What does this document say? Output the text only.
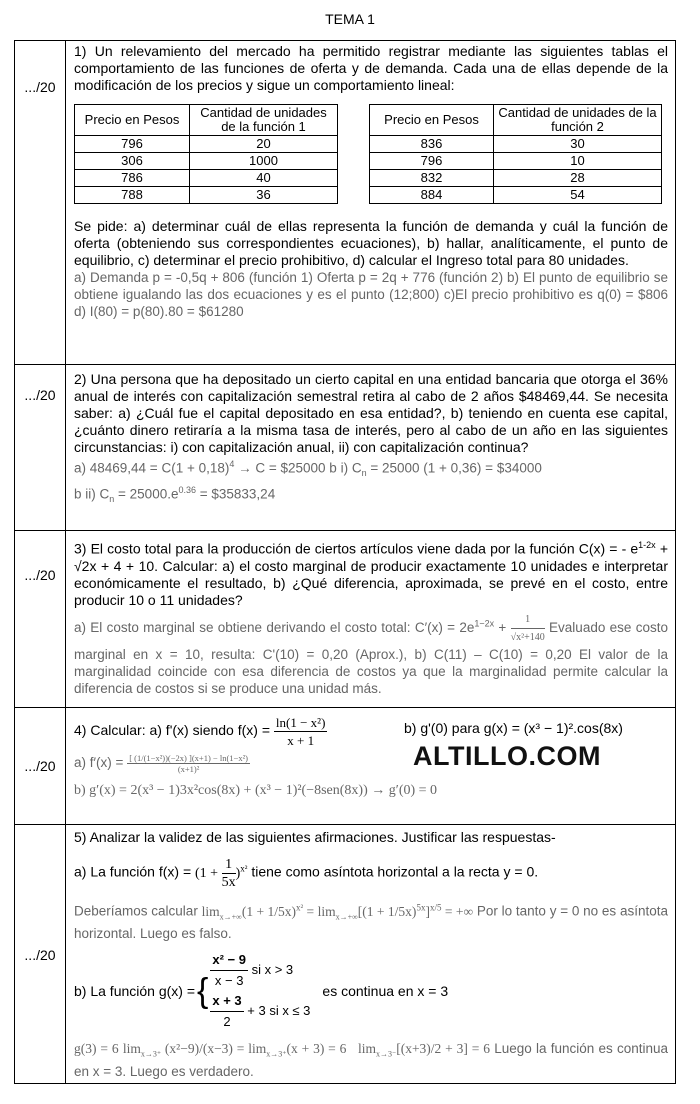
TEMA 1
.../20
1) Un relevamiento del mercado ha permitido registrar mediante las siguientes tablas el comportamiento de las funciones de oferta y de demanda. Cada una de ellas depende de la modificación de los precios y sigue un comportamiento lineal:
Precio en Pesos	Cantidad de unidades de la función 1
796	20
306	1000
786	40
788	36
Precio en Pesos	Cantidad de unidades de la función 2
836	30
796	10
832	28
884	54
Se pide: a) determinar cuál de ellas representa la función de demanda y cuál la función de oferta (obteniendo sus correspondientes ecuaciones), b) hallar, analíticamente, el punto de equilibrio, c) determinar el precio prohibitivo, d) calcular el Ingreso total para 80 unidades.
a) Demanda p = -0,5q + 806 (función 1) Oferta p = 2q + 776 (función 2) b) El punto de equilibrio se obtiene igualando las dos ecuaciones y es el punto (12;800) c)El precio prohibitivo es q(0) = $806 d) I(80) = p(80).80 = $61280
.../20
2) Una persona que ha depositado un cierto capital en una entidad bancaria que otorga el 36% anual de interés con capitalización semestral retira al cabo de 2 años $48469,44. Se necesita saber: a) ¿Cuál fue el capital depositado en esa entidad?, b) teniendo en cuenta ese capital, ¿cuánto dinero retiraría a la misma tasa de interés, pero al cabo de un año en las siguientes circunstancias: i) con capitalización anual, ii) con capitalización continua?
a) $48469,44 = C(1 + 0,18)^4 \to C$ = $25000 b i) $C_n = 25000$ (1 + 0,36) = $34000
b ii) $C_n = 25000.e^{0.36}$ = $35833,24
.../20
3) El costo total para la producción de ciertos artículos viene dada por la función C(x) = - $e^{1-2x} + √2x + 4 + 10$. Calcular: a) el costo marginal de producir exactamente 10 unidades e interpretar económicamente el resultado, b) ¿Qué diferencia, aproximada, se prevé en el costo, entre producir 10 o 11 unidades?
a) El costo marginal se obtiene derivando el costo total: $C'(x) = 2e^{1-2x} + \frac{1}{\text{√x²+140}}$ Evaluado ese costo marginal en x = 10, resulta: C'(10) = 0,20 (Aprox.), b) C(11) – C(10) = 0,20 El valor de la marginalidad coincide con esa diferencia de costos ya que la marginalidad permite calcular la diferencia de costos si se produce una unidad más.
.../20
4) Calcular: a) f'(x) siendo $f(x) = \frac{\text{ln(1 − x²)}}{x + 1}$	b) g'(0) para g(x) = (x³ − 1)².cos(8x)
a) $f'(x) = \frac{\text{[ (1/(1−x²))(−2x) ](x+1) − ln(1−x²)}}{\text{(x+1)²}}$
b) g′(x) = 2(x³ − 1)3x²cos(8x) + (x³ − 1)²(−8sen(8x)) → g′(0) = 0
ALTILLO.COM
.../20
5) Analizar la validez de las siguientes afirmaciones. Justificar las respuestas-
a) La función $f(x) = (1 + \frac{1}{5x} )^{x^2}$ tiene como asíntota horizontal a la recta y = 0.
Deberíamos calcular $\lim_{x\to+\infty}(1 + 1/5x)^{x^2} = \lim_{x\to+\infty}[(1 + 1/5x)^{5x}]^{x/5}$ = +∞ Por lo tanto y = 0 no es asíntota horizontal. Luego es falso.
b) La función g(x) = { $\frac{\text{x² − 9}}{x - 3}$ si x > 3
$\frac{x + 3}{2} + 3$ si x ≤ 3
es continua en x = 3
g(3) = 6 $\lim_{x\to 3^+} (x^2-9)/(x-3) = \lim_{x\to 3^+}(x + 3) = 6$   $\lim_{x\to 3^-}[(x+3)/2 + 3] = 6$ Luego la función es continua en x = 3. Luego es verdadero.
